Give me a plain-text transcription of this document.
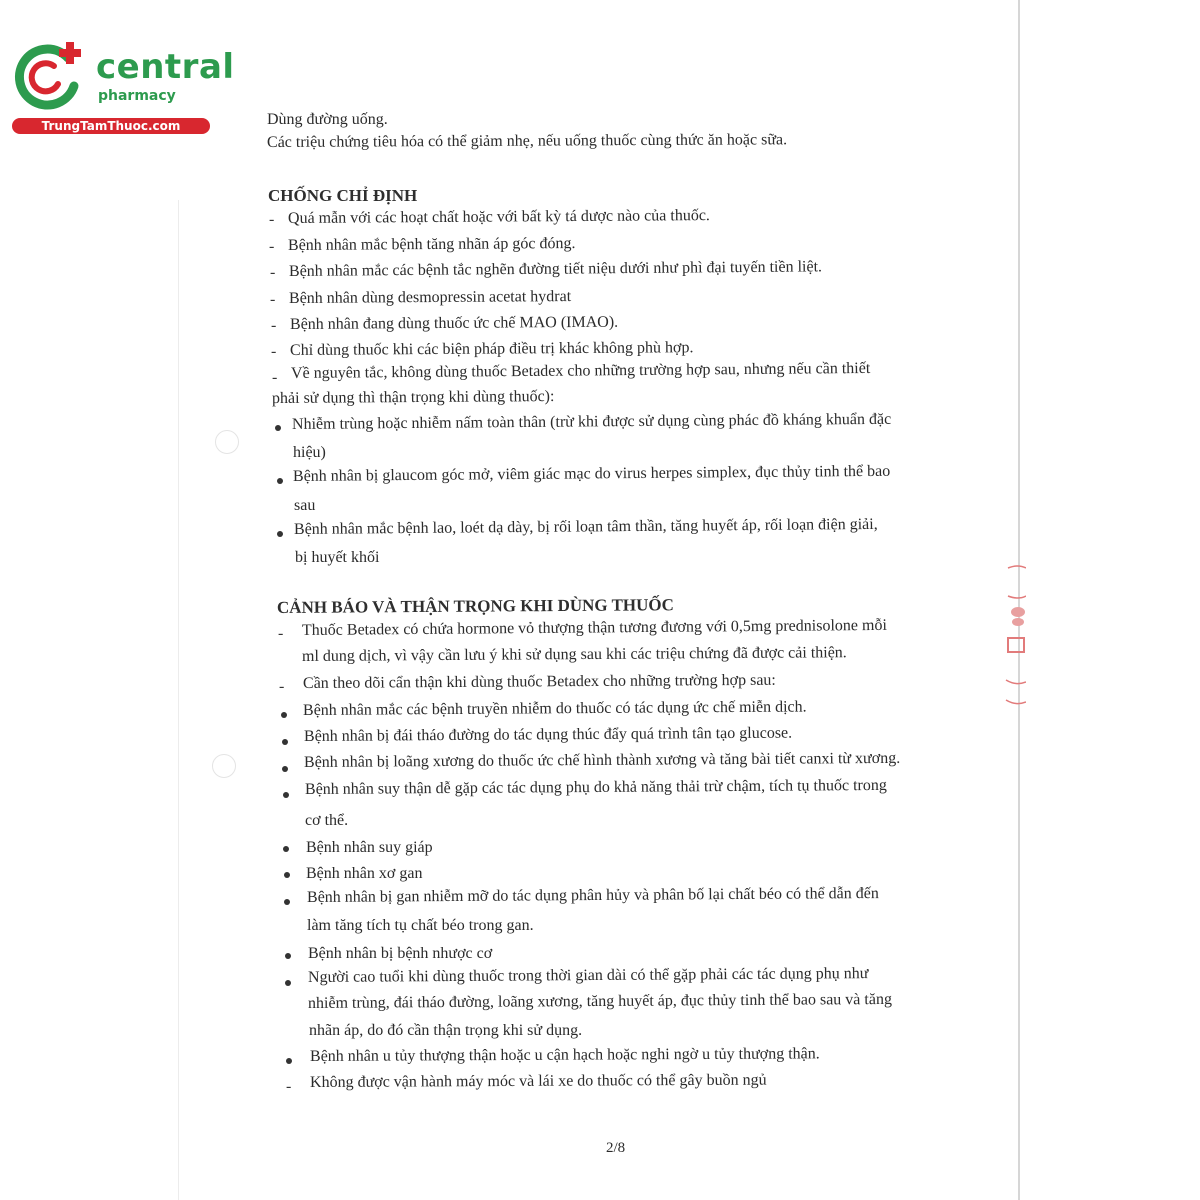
central
pharmacy
TrungTamThuoc.com	Dùng đường uống.
Các triệu chứng tiêu hóa có thể giảm nhẹ, nếu uống thuốc cùng thức ăn hoặc sữa.
CHỐNG CHỈ ĐỊNH
- Quá mẫn với các hoạt chất hoặc với bất kỳ tá dược nào của thuốc.
- Bệnh nhân mắc bệnh tăng nhãn áp góc đóng.
- Bệnh nhân mắc các bệnh tắc nghẽn đường tiết niệu dưới như phì đại tuyến tiền liệt.
- Bệnh nhân dùng desmopressin acetat hydrat
- Bệnh nhân đang dùng thuốc ức chế MAO (IMAO).
- Chỉ dùng thuốc khi các biện pháp điều trị khác không phù hợp.
- Về nguyên tắc, không dùng thuốc Betadex cho những trường hợp sau, nhưng nếu cần thiết
phải sử dụng thì thận trọng khi dùng thuốc):
Nhiễm trùng hoặc nhiễm nấm toàn thân (trừ khi được sử dụng cùng phác đồ kháng khuẩn đặc
hiệu)
Bệnh nhân bị glaucom góc mở, viêm giác mạc do virus herpes simplex, đục thủy tinh thể bao
sau
Bệnh nhân mắc bệnh lao, loét dạ dày, bị rối loạn tâm thần, tăng huyết áp, rối loạn điện giải,
bị huyết khối
CẢNH BÁO VÀ THẬN TRỌNG KHI DÙNG THUỐC
- Thuốc Betadex có chứa hormone vỏ thượng thận tương đương với 0,5mg prednisolone mỗi
ml dung dịch, vì vậy cần lưu ý khi sử dụng sau khi các triệu chứng đã được cải thiện.
- Cần theo dõi cẩn thận khi dùng thuốc Betadex cho những trường hợp sau:
Bệnh nhân mắc các bệnh truyền nhiễm do thuốc có tác dụng ức chế miễn dịch.
Bệnh nhân bị đái tháo đường do tác dụng thúc đẩy quá trình tân tạo glucose.
Bệnh nhân bị loãng xương do thuốc ức chế hình thành xương và tăng bài tiết canxi từ xương.
Bệnh nhân suy thận dễ gặp các tác dụng phụ do khả năng thải trừ chậm, tích tụ thuốc trong
cơ thể.
Bệnh nhân suy giáp
Bệnh nhân xơ gan
Bệnh nhân bị gan nhiễm mỡ do tác dụng phân hủy và phân bố lại chất béo có thể dẫn đến
làm tăng tích tụ chất béo trong gan.
Bệnh nhân bị bệnh nhược cơ
Người cao tuổi khi dùng thuốc trong thời gian dài có thể gặp phải các tác dụng phụ như
nhiễm trùng, đái tháo đường, loãng xương, tăng huyết áp, đục thủy tinh thể bao sau và tăng
nhãn áp, do đó cần thận trọng khi sử dụng.
Bệnh nhân u tủy thượng thận hoặc u cận hạch hoặc nghi ngờ u tủy thượng thận.
- Không được vận hành máy móc và lái xe do thuốc có thể gây buồn ngủ
2/8
